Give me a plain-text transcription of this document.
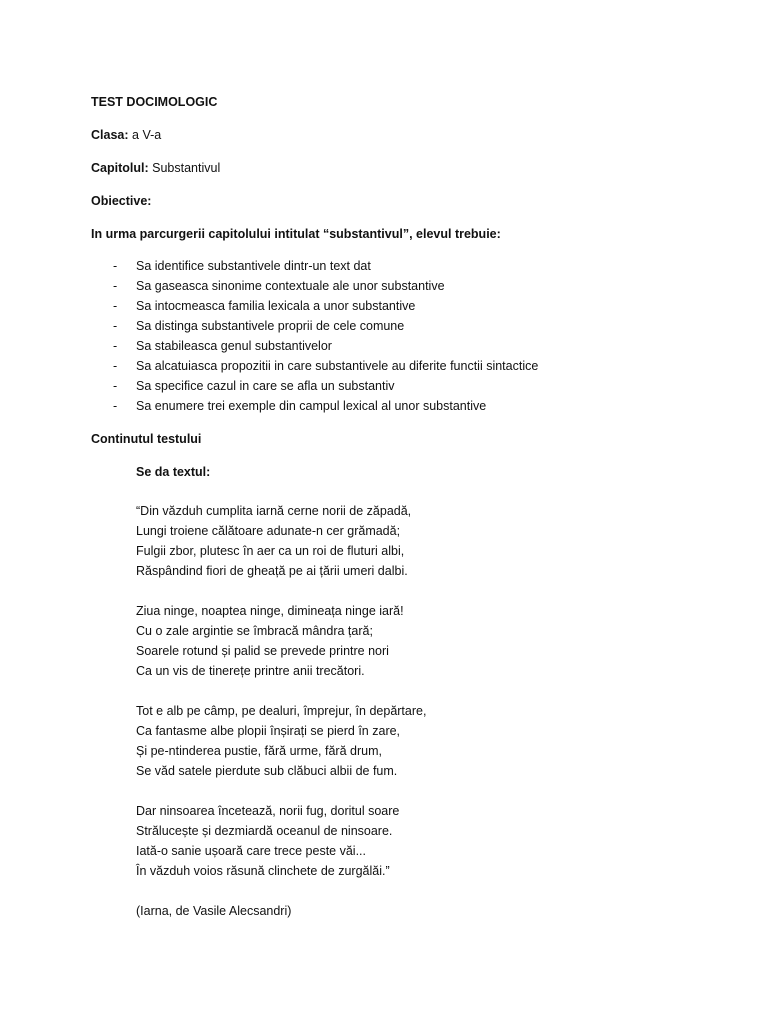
TEST DOCIMOLOGIC
Clasa: a V-a
Capitolul: Substantivul
Obiective:
In urma parcurgerii capitolului intitulat “substantivul”, elevul trebuie:
- Sa identifice substantivele dintr-un text dat
- Sa gaseasca sinonime contextuale ale unor substantive
- Sa intocmeasca familia lexicala a unor substantive
- Sa distinga substantivele proprii de cele comune
- Sa stabileasca genul substantivelor
- Sa alcatuiasca propozitii in care substantivele au diferite functii sintactice
- Sa specifice cazul in care se afla un substantiv
- Sa enumere trei exemple din campul lexical al unor substantive
Continutul testului
Se da textul:
“Din văzduh cumplita iarnă cerne norii de zăpadă,
Lungi troiene călătoare adunate-n cer grămadă;
Fulgii zbor, plutesc în aer ca un roi de fluturi albi,
Răspândind fiori de gheață pe ai țării umeri dalbi.
Ziua ninge, noaptea ninge, dimineața ninge iară!
Cu o zale argintie se îmbracă mândra țară;
Soarele rotund și palid se prevede printre nori
Ca un vis de tinerețe printre anii trecători.
Tot e alb pe câmp, pe dealuri, împrejur, în depărtare,
Ca fantasme albe plopii înșirați se pierd în zare,
Și pe-ntinderea pustie, fără urme, fără drum,
Se văd satele pierdute sub clăbuci albii de fum.
Dar ninsoarea încetează, norii fug, doritul soare
Strălucește și dezmiardă oceanul de ninsoare.
Iată-o sanie ușoară care trece peste văi...
În văzduh voios răsună clinchete de zurgălăi.”
(Iarna, de Vasile Alecsandri)
